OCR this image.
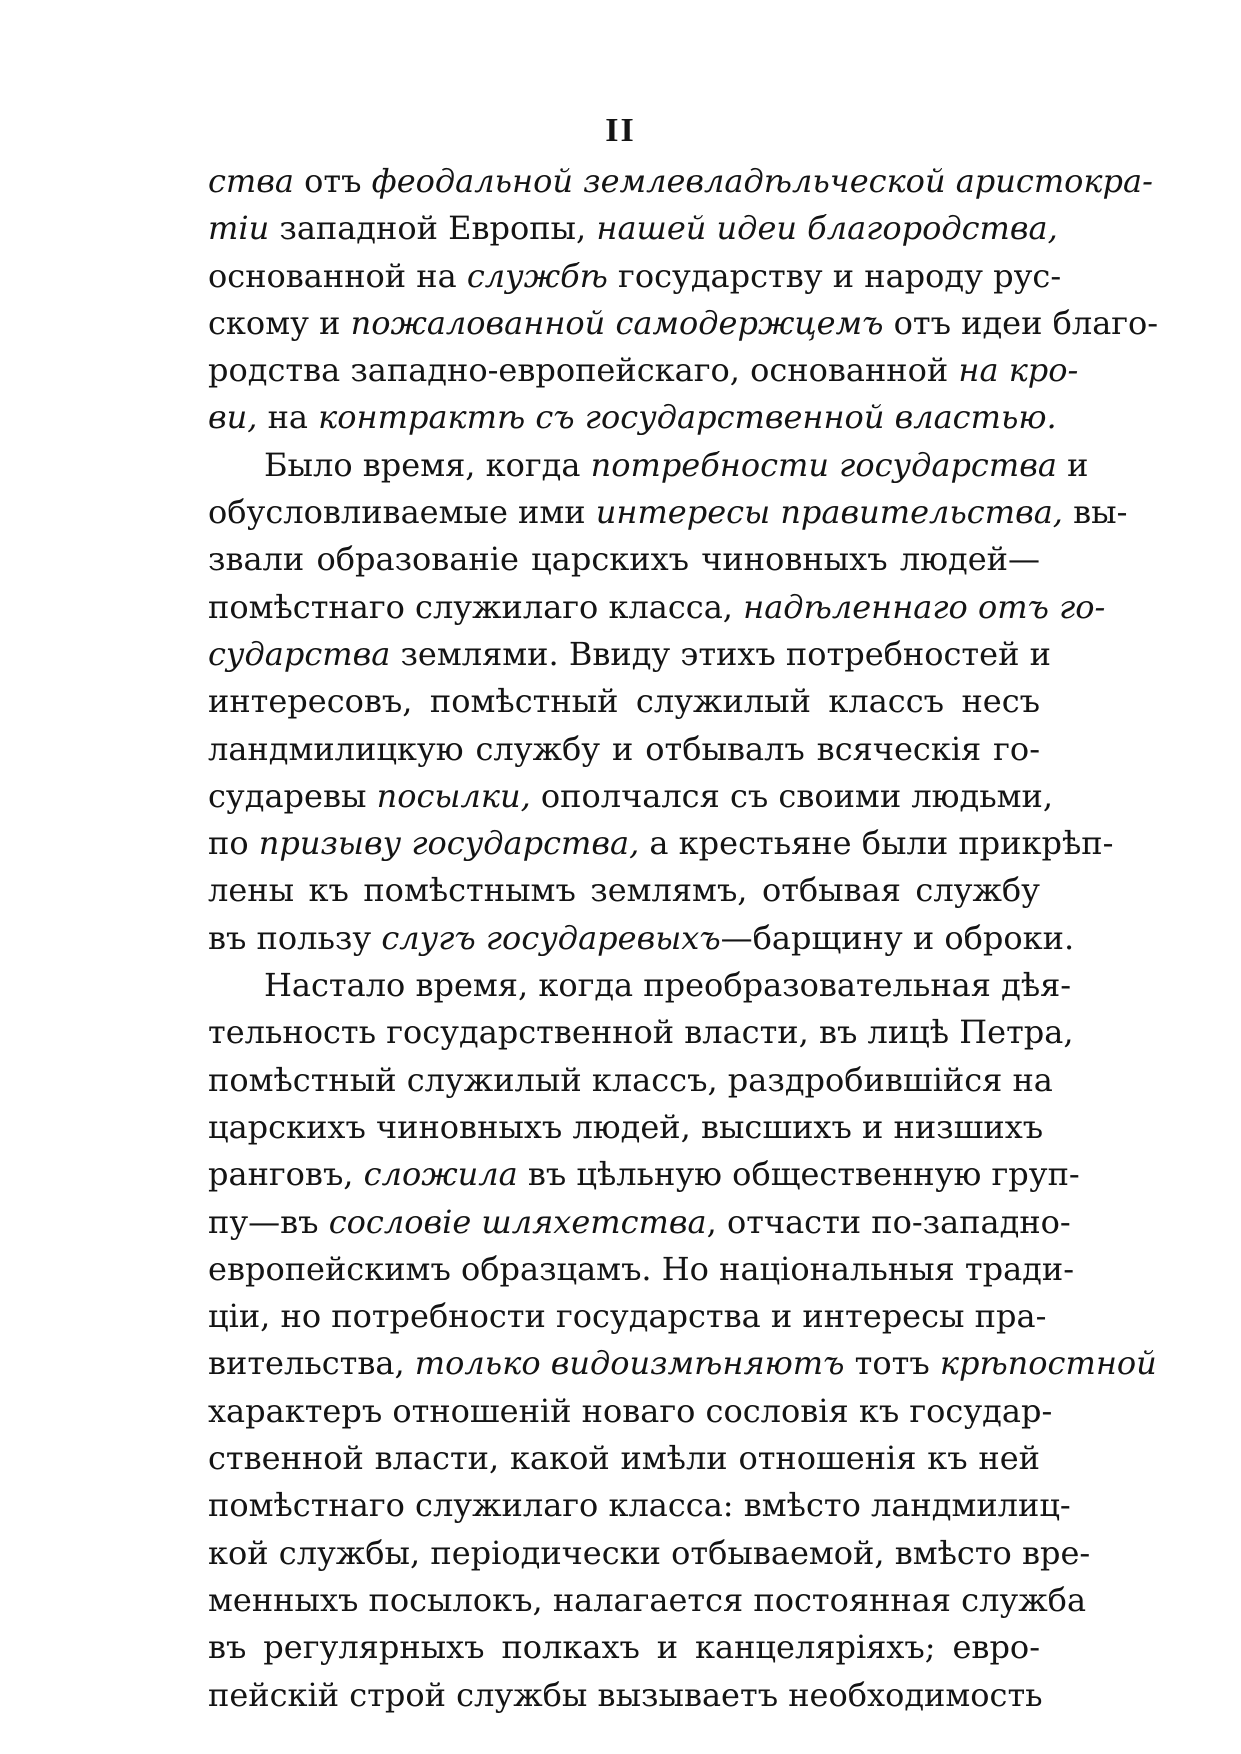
II
ства отъ феодальной землевладѣльческой аристокра-
тіи западной Европы, нашей идеи благородства,
основанной на службѣ государству и народу рус-
скому и пожалованной самодержцемъ отъ идеи благо-
родства западно-европейскаго, основанной на кро-
ви, на контрактѣ съ государственной властью.
Было время, когда потребности государства и
обусловливаемые ими интересы правительства, вы-
звали образованіе царскихъ чиновныхъ людей—
помѣстнаго служилаго класса, надѣленнаго отъ го-
сударства землями. Ввиду этихъ потребностей и
интересовъ, помѣстный служилый классъ несъ
ландмилицкую службу и отбывалъ всяческія го-
сударевы посылки, ополчался съ своими людьми,
по призыву государства, а крестьяне были прикрѣп-
лены къ помѣстнымъ землямъ, отбывая службу
въ пользу слугъ государевыхъ—барщину и оброки.
Настало время, когда преобразовательная дѣя-
тельность государственной власти, въ лицѣ Петра,
помѣстный служилый классъ, раздробившійся на
царскихъ чиновныхъ людей, высшихъ и низшихъ
ранговъ, сложила въ цѣльную общественную груп-
пу—въ сословіе шляхетства, отчасти по-западно-
европейскимъ образцамъ. Но національныя тради-
ціи, но потребности государства и интересы пра-
вительства, только видоизмѣняютъ тотъ крѣпостной
характеръ отношеній новаго сословія къ государ-
ственной власти, какой имѣли отношенія къ ней
помѣстнаго служилаго класса: вмѣсто ландмилиц-
кой службы, періодически отбываемой, вмѣсто вре-
менныхъ посылокъ, налагается постоянная служба
въ регулярныхъ полкахъ и канцеляріяхъ; евро-
пейскій строй службы вызываетъ необходимость
